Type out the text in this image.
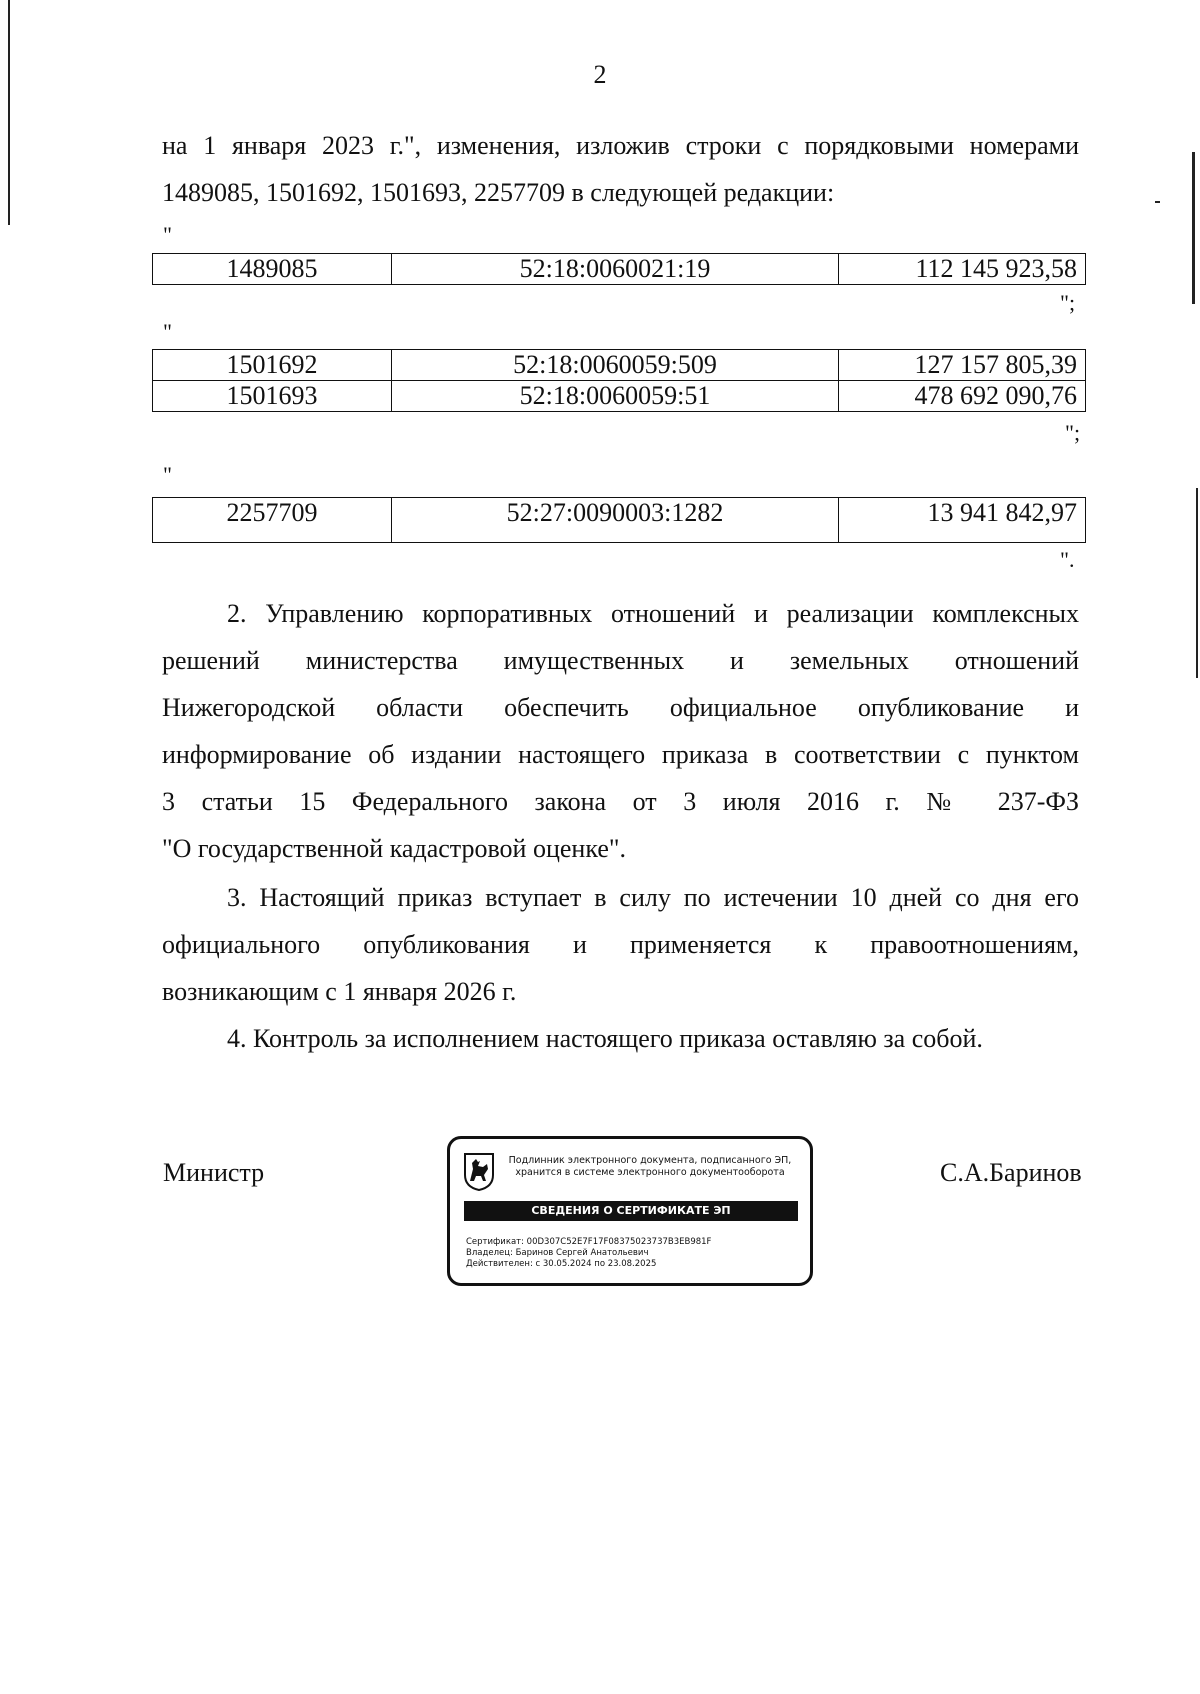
2
на 1 января 2023 г.", изменения, изложив строки с порядковыми номерами
1489085, 1501692, 1501693, 2257709 в следующей редакции:
"
1489085	52:18:0060021:19	112 145 923,58
";
"
1501692	52:18:0060059:509	127 157 805,39
1501693	52:18:0060059:51	478 692 090,76
";
"
2257709	52:27:0090003:1282	13 941 842,97
".
2. Управлению корпоративных отношений и реализации комплексных
решений министерства имущественных и земельных отношений
Нижегородской области обеспечить официальное опубликование и
информирование об издании настоящего приказа в соответствии с пунктом
3 статьи 15 Федерального закона от 3 июля 2016 г. № 237-ФЗ
"О государственной кадастровой оценке".
3. Настоящий приказ вступает в силу по истечении 10 дней со дня его
официального опубликования и применяется к правоотношениям,
возникающим с 1 января 2026 г.
4. Контроль за исполнением настоящего приказа оставляю за собой.
Министр	С.А.Баринов
Подлинник электронного документа, подписанного ЭП,
хранится в системе электронного документооборота
СВЕДЕНИЯ О СЕРТИФИКАТЕ ЭП
Сертификат: 00D307C52E7F17F08375023737B3EB981F
Владелец: Баринов Сергей Анатольевич
Действителен: с 30.05.2024 по 23.08.2025
